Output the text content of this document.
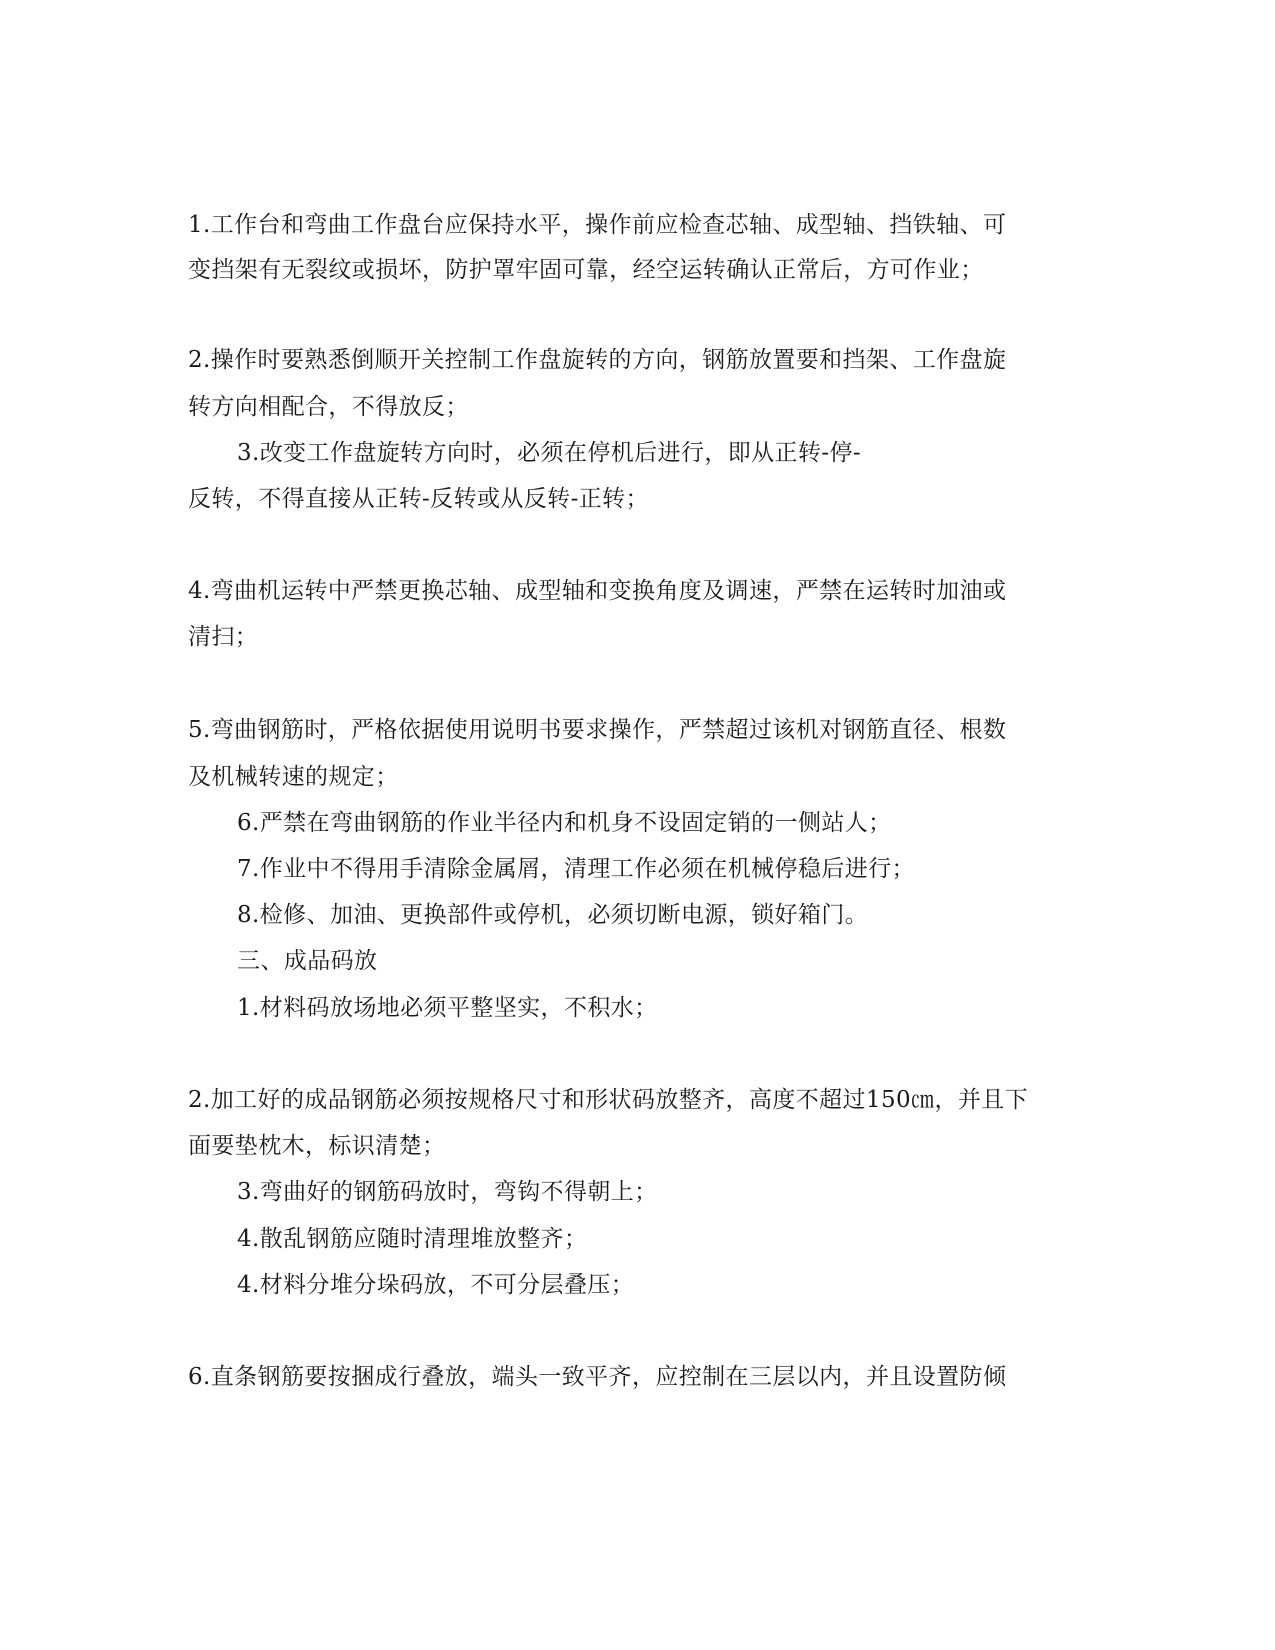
1.工作台和弯曲工作盘台应保持水平，操作前应检查芯轴、成型轴、挡铁轴、可
变挡架有无裂纹或损坏，防护罩牢固可靠，经空运转确认正常后，方可作业；
2.操作时要熟悉倒顺开关控制工作盘旋转的方向，钢筋放置要和挡架、工作盘旋
转方向相配合，不得放反；
3.改变工作盘旋转方向时，必须在停机后进行，即从正转-停-
反转，不得直接从正转-反转或从反转-正转；
4.弯曲机运转中严禁更换芯轴、成型轴和变换角度及调速，严禁在运转时加油或
清扫；
5.弯曲钢筋时，严格依据使用说明书要求操作，严禁超过该机对钢筋直径、根数
及机械转速的规定；
6.严禁在弯曲钢筋的作业半径内和机身不设固定销的一侧站人；
7.作业中不得用手清除金属屑，清理工作必须在机械停稳后进行；
8.检修、加油、更换部件或停机，必须切断电源，锁好箱门。
三、成品码放
1.材料码放场地必须平整坚实，不积水；
2.加工好的成品钢筋必须按规格尺寸和形状码放整齐，高度不超过150㎝，并且下
面要垫枕木，标识清楚；
3.弯曲好的钢筋码放时，弯钩不得朝上；
4.散乱钢筋应随时清理堆放整齐；
4.材料分堆分垛码放，不可分层叠压；
6.直条钢筋要按捆成行叠放，端头一致平齐，应控制在三层以内，并且设置防倾
